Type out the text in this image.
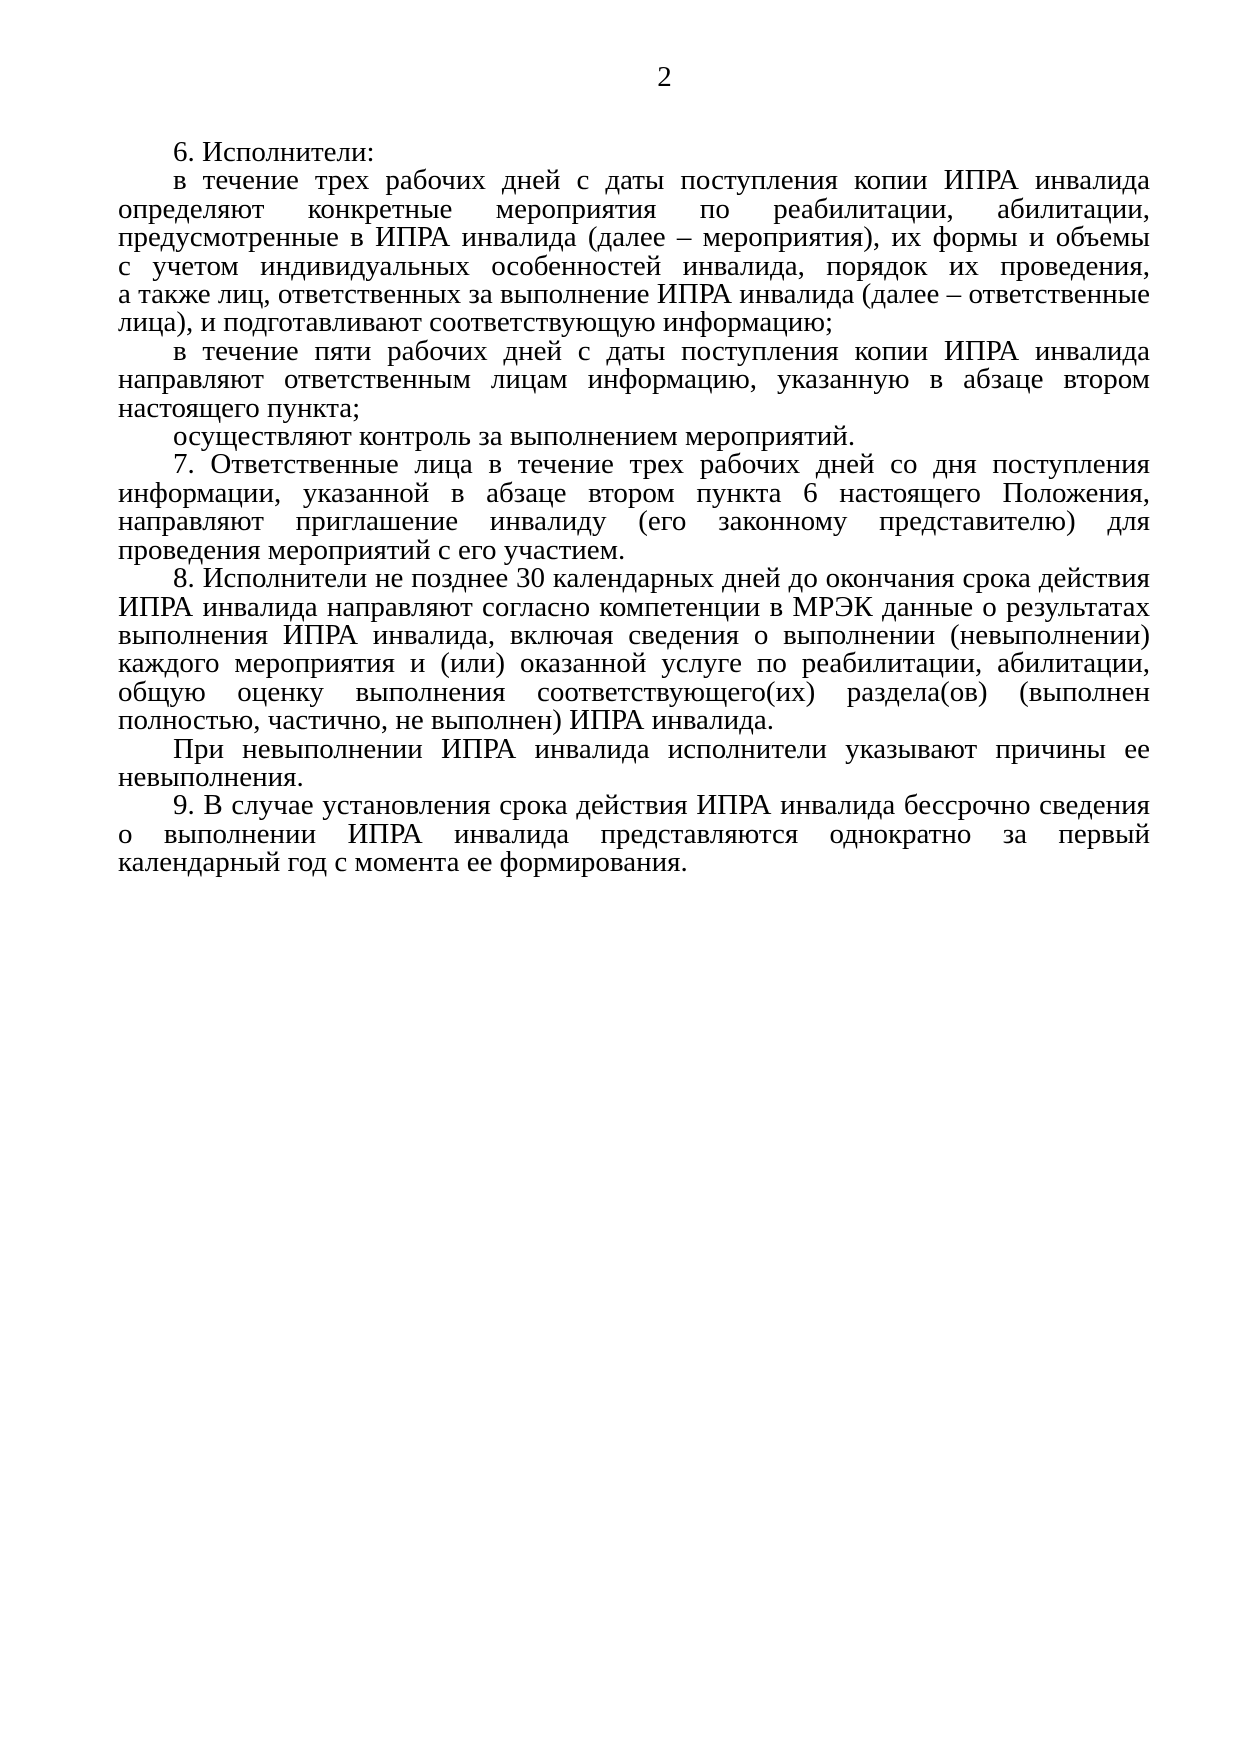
2

6. Исполнители:

в течение трех рабочих дней с даты поступления копии ИПРА инвалида определяют конкретные мероприятия по реабилитации, абилитации, предусмотренные в ИПРА инвалида (далее – мероприятия), их формы и объемы с учетом индивидуальных особенностей инвалида, порядок их проведения, а также лиц, ответственных за выполнение ИПРА инвалида (далее – ответственные лица), и подготавливают соответствующую информацию;

в течение пяти рабочих дней с даты поступления копии ИПРА инвалида направляют ответственным лицам информацию, указанную в абзаце втором настоящего пункта;

осуществляют контроль за выполнением мероприятий.

7. Ответственные лица в течение трех рабочих дней со дня поступления информации, указанной в абзаце втором пункта 6 настоящего Положения, направляют приглашение инвалиду (его законному представителю) для проведения мероприятий с его участием.

8. Исполнители не позднее 30 календарных дней до окончания срока действия ИПРА инвалида направляют согласно компетенции в МРЭК данные о результатах выполнения ИПРА инвалида, включая сведения о выполнении (невыполнении) каждого мероприятия и (или) оказанной услуге по реабилитации, абилитации, общую оценку выполнения соответствующего(их) раздела(ов) (выполнен полностью, частично, не выполнен) ИПРА инвалида.

При невыполнении ИПРА инвалида исполнители указывают причины ее невыполнения.

9. В случае установления срока действия ИПРА инвалида бессрочно сведения о выполнении ИПРА инвалида представляются однократно за первый календарный год с момента ее формирования.
